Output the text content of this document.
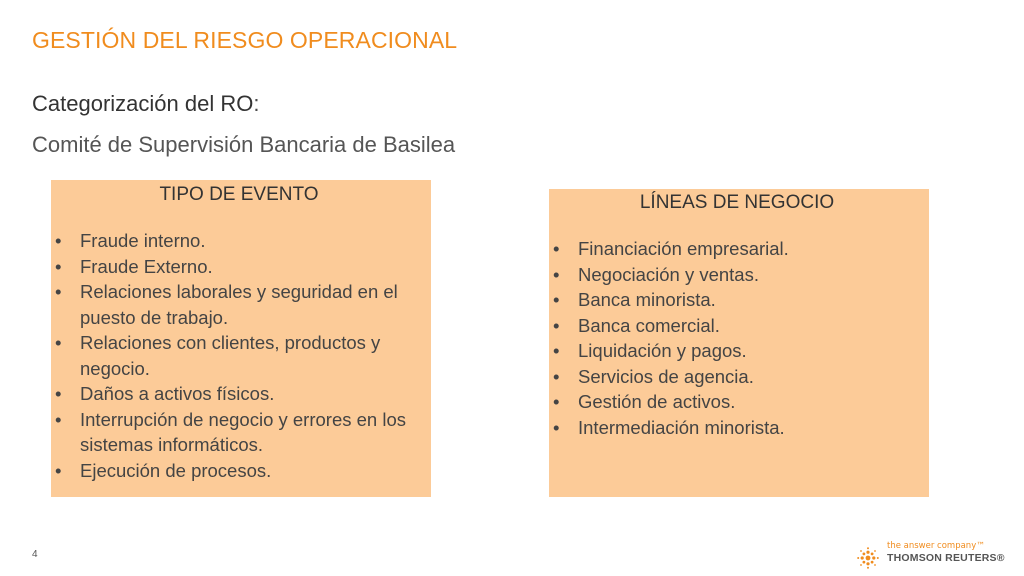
GESTIÓN DEL RIESGO OPERACIONAL
Categorización del RO:
Comité de Supervisión Bancaria de Basilea
TIPO DE EVENTO
• Fraude interno.
• Fraude Externo.
• Relaciones laborales y seguridad en el puesto de trabajo.
• Relaciones con clientes, productos y negocio.
• Daños a activos físicos.
• Interrupción de negocio y errores en los sistemas informáticos.
• Ejecución de procesos.
LÍNEAS DE NEGOCIO
• Financiación empresarial.
• Negociación y ventas.
• Banca minorista.
• Banca comercial.
• Liquidación y pagos.
• Servicios de agencia.
• Gestión de activos.
• Intermediación minorista.
4
the answer company™
THOMSON REUTERS®
